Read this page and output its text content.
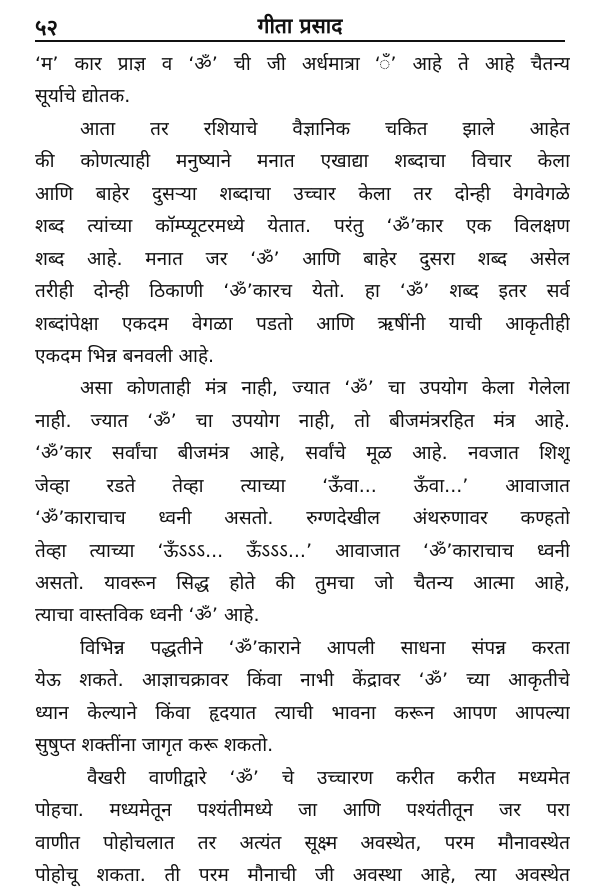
५२	गीता प्रसाद
‘म’ कार प्राज्ञ व ‘ॐ’ ची जी अर्धमात्रा ‘ँ’ आहे ते आहे चैतन्य
सूर्याचे द्योतक.
आता तर रशियाचे वैज्ञानिक चकित झाले आहेत
की कोणत्याही मनुष्याने मनात एखाद्या शब्दाचा विचार केला
आणि बाहेर दुसऱ्या शब्दाचा उच्चार केला तर दोन्ही वेगवेगळे
शब्द त्यांच्या कॉम्प्यूटरमध्ये येतात. परंतु ‘ॐ’कार एक विलक्षण
शब्द आहे. मनात जर ‘ॐ’ आणि बाहेर दुसरा शब्द असेल
तरीही दोन्ही ठिकाणी ‘ॐ’कारच येतो. हा ‘ॐ’ शब्द इतर सर्व
शब्दांपेक्षा एकदम वेगळा पडतो आणि ऋषींनी याची आकृतीही
एकदम भिन्न बनवली आहे.
असा कोणताही मंत्र नाही, ज्यात ‘ॐ’ चा उपयोग केला गेलेला
नाही. ज्यात ‘ॐ’ चा उपयोग नाही, तो बीजमंत्ररहित मंत्र आहे.
‘ॐ’कार सर्वांचा बीजमंत्र आहे, सर्वांचे मूळ आहे. नवजात शिशू
जेव्हा रडते तेव्हा त्याच्या ‘ऊँवा... ऊँवा...’ आवाजात
‘ॐ’काराचाच ध्वनी असतो. रुग्णदेखील अंथरुणावर कण्हतो
तेव्हा त्याच्या ‘ऊँऽऽऽ... ऊँऽऽऽ...’ आवाजात ‘ॐ’काराचाच ध्वनी
असतो. यावरून सिद्ध होते की तुमचा जो चैतन्य आत्मा आहे,
त्याचा वास्तविक ध्वनी ‘ॐ’ आहे.
विभिन्न पद्धतीने ‘ॐ’काराने आपली साधना संपन्न करता
येऊ शकते. आज्ञाचक्रावर किंवा नाभी केंद्रावर ‘ॐ’ च्या आकृतीचे
ध्यान केल्याने किंवा हृदयात त्याची भावना करून आपण आपल्या
सुषुप्त शक्तींना जागृत करू शकतो.
वैखरी वाणीद्वारे ‘ॐ’ चे उच्चारण करीत करीत मध्यमेत
पोहचा. मध्यमेतून पश्यंतीमध्ये जा आणि पश्यंतीतून जर परा
वाणीत पोहोचलात तर अत्यंत सूक्ष्म अवस्थेत, परम मौनावस्थेत
पोहोचू शकता. ती परम मौनाची जी अवस्था आहे, त्या अवस्थेत
